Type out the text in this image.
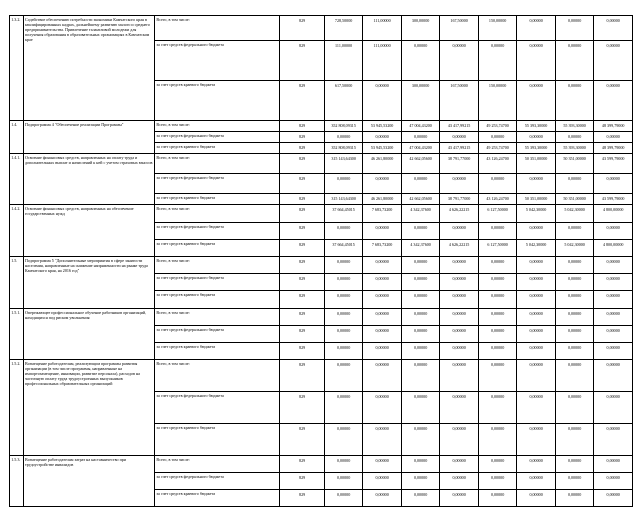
1.3.2.	Содействие обеспечению потребности экономики Камчатского края в квалифицированных кадрах, дальнейшему развитию малого и среднего предпринимательства. Привлечение талантливой молодежи для получения образования в образовательных организациях в Камчатском крае	Всего, в том числе:	829	728,50000	111,00000	300,00000	167,50000	150,00000	0,00000	0,00000	0,00000
		за счет средств федерального бюджета	829	111,00000	111,00000	0,00000	0,00000	0,00000	0,00000	0,00000	0,00000
		за счет средств краевого бюджета	829	617,50000	0,00000	300,00000	167,50000	150,00000	0,00000	0,00000	0,00000
1.4.	Подпрограмма 4 "Обеспечение реализации Программы"	Всего, в том числе:	829	352 808,09315	53 945,53200	47 004,43200	43 417,99215	49 253,74700	55 393,30000	55 393,30000	48 399,79000
		за счет средств федерального бюджета	829	0,00000	0,00000	0,00000	0,00000	0,00000	0,00000	0,00000	0,00000
		за счет средств краевого бюджета	829	352 808,09315	53 945,53200	47 004,43200	43 417,99215	49 253,74700	55 393,30000	55 393,30000	48 399,79000
1.4.1.	Освоение финансовых средств, направленных на оплату труда и дополнительных выплат и начислений к ней с учетом страховых взносов	Всего, в том числе:	829	315 143,64300	46 261,80000	42 662,05600	38 791,77000	43 126,24700	50 351,00000	50 351,00000	43 599,79000
		за счет средств федерального бюджета	829	0,00000	0,00000	0,00000	0,00000	0,00000	0,00000	0,00000	0,00000
		за счет средств краевого бюджета	829	315 143,64300	46 261,80000	42 662,05600	38 791,77000	43 126,24700	50 351,00000	50 351,00000	43 599,79000
1.4.2.	Освоение финансовых средств, направленных на обеспечение государственных нужд	Всего, в том числе:	829	37 664,45015	7 683,73200	4 342,37600	4 626,22215	6 127,50000	5 042,30000	5 042,30000	4 800,00000
		за счет средств федерального бюджета	829	0,00000	0,00000	0,00000	0,00000	0,00000	0,00000	0,00000	0,00000
		за счет средств краевого бюджета	829	37 664,45015	7 683,73200	4 342,37600	4 626,22215	6 127,50000	5 042,30000	5 042,30000	4 800,00000
1.5.	Подпрограмма 5 "Дополнительные мероприятия в сфере занятости населения, направленные на снижение напряженности на рынке труда Камчатского края, на 2016 год"	Всего, в том числе:	829	0,00000	0,00000	0,00000	0,00000	0,00000	0,00000	0,00000	0,00000
		за счет средств федерального бюджета	829	0,00000	0,00000	0,00000	0,00000	0,00000	0,00000	0,00000	0,00000
		за счет средств краевого бюджета	829	0,00000	0,00000	0,00000	0,00000	0,00000	0,00000	0,00000	0,00000
1.5.1.	Опережающее профессиональное обучение работников организаций, находящихся под риском увольнения	Всего, в том числе:	829	0,00000	0,00000	0,00000	0,00000	0,00000	0,00000	0,00000	0,00000
		за счет средств федерального бюджета	829	0,00000	0,00000	0,00000	0,00000	0,00000	0,00000	0,00000	0,00000
		за счет средств краевого бюджета	829	0,00000	0,00000	0,00000	0,00000	0,00000	0,00000	0,00000	0,00000
1.5.2.	Возмещение работодателям, реализующим программы развития организации (в том числе программы, направленные на импортозамещение, инновации, развитие персонала), расходов на частичную оплату труда трудоустроенных выпускников профессиональных образовательных организаций	Всего, в том числе:	829	0,00000	0,00000	0,00000	0,00000	0,00000	0,00000	0,00000	0,00000
		за счет средств федерального бюджета	829	0,00000	0,00000	0,00000	0,00000	0,00000	0,00000	0,00000	0,00000
		за счет средств краевого бюджета	829	0,00000	0,00000	0,00000	0,00000	0,00000	0,00000	0,00000	0,00000
1.5.3.	Возмещение работодателям затрат на наставничество при трудоустройстве инвалидов	Всего, в том числе:	829	0,00000	0,00000	0,00000	0,00000	0,00000	0,00000	0,00000	0,00000
		за счет средств федерального бюджета	829	0,00000	0,00000	0,00000	0,00000	0,00000	0,00000	0,00000	0,00000
		за счет средств краевого бюджета	829	0,00000	0,00000	0,00000	0,00000	0,00000	0,00000	0,00000	0,00000
